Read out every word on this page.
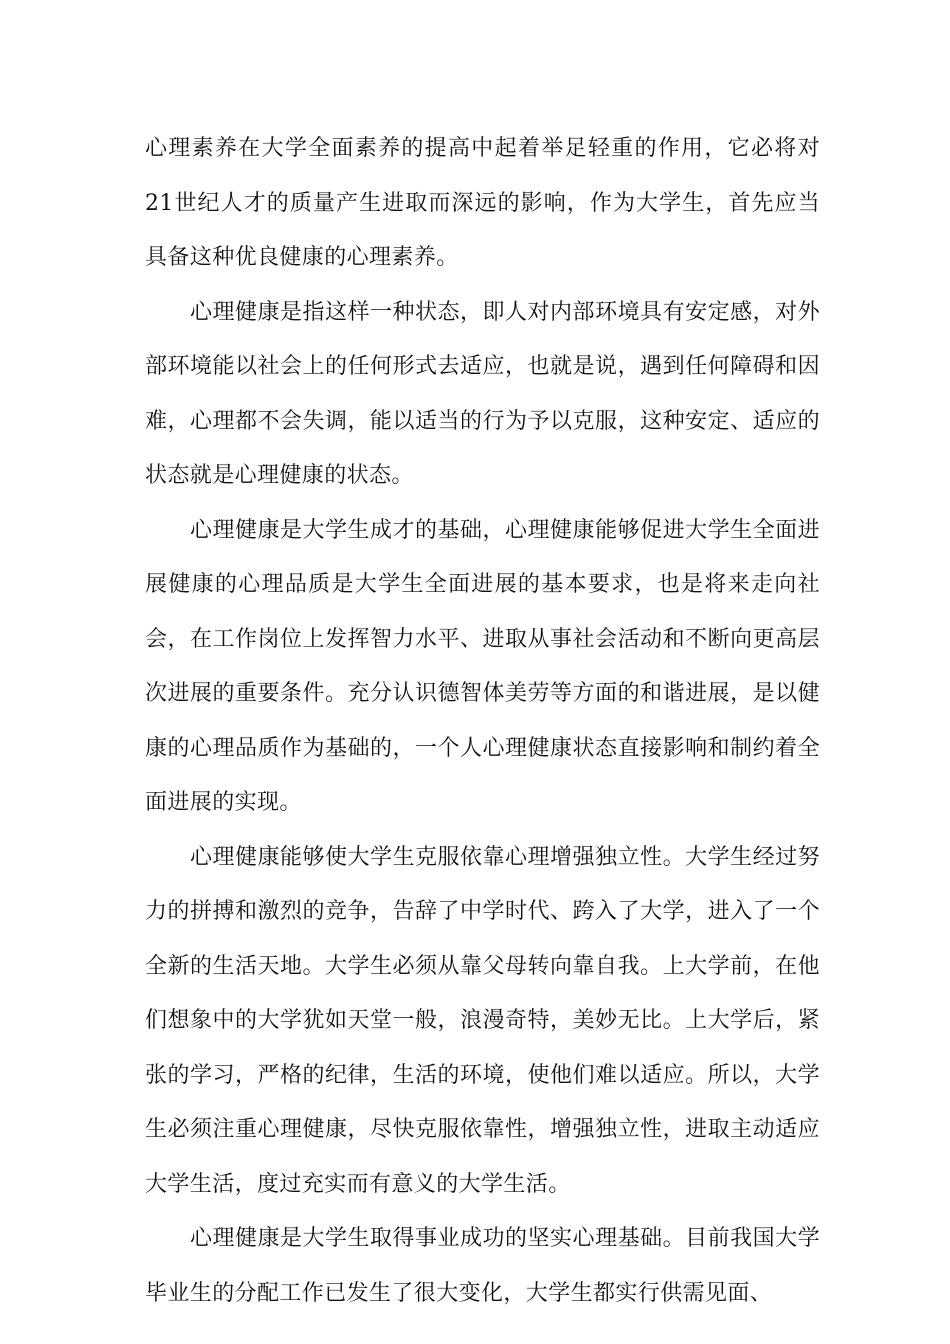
心理素养在大学全面素养的提高中起着举足轻重的作用，它必将对21世纪人才的质量产生进取而深远的影响，作为大学生，首先应当具备这种优良健康的心理素养。

心理健康是指这样一种状态，即人对内部环境具有安定感，对外部环境能以社会上的任何形式去适应，也就是说，遇到任何障碍和因难，心理都不会失调，能以适当的行为予以克服，这种安定、适应的状态就是心理健康的状态。

心理健康是大学生成才的基础，心理健康能够促进大学生全面进展健康的心理品质是大学生全面进展的基本要求，也是将来走向社会，在工作岗位上发挥智力水平、进取从事社会活动和不断向更高层次进展的重要条件。充分认识德智体美劳等方面的和谐进展，是以健康的心理品质作为基础的，一个人心理健康状态直接影响和制约着全面进展的实现。

心理健康能够使大学生克服依靠心理增强独立性。大学生经过努力的拼搏和激烈的竞争，告辞了中学时代、跨入了大学，进入了一个全新的生活天地。大学生必须从靠父母转向靠自我。上大学前，在他们想象中的大学犹如天堂一般，浪漫奇特，美妙无比。上大学后，紧张的学习，严格的纪律，生活的环境，使他们难以适应。所以，大学生必须注重心理健康，尽快克服依靠性，增强独立性，进取主动适应大学生活，度过充实而有意义的大学生活。

心理健康是大学生取得事业成功的坚实心理基础。目前我国大学毕业生的分配工作已发生了很大变化，大学生都实行供需见面、
